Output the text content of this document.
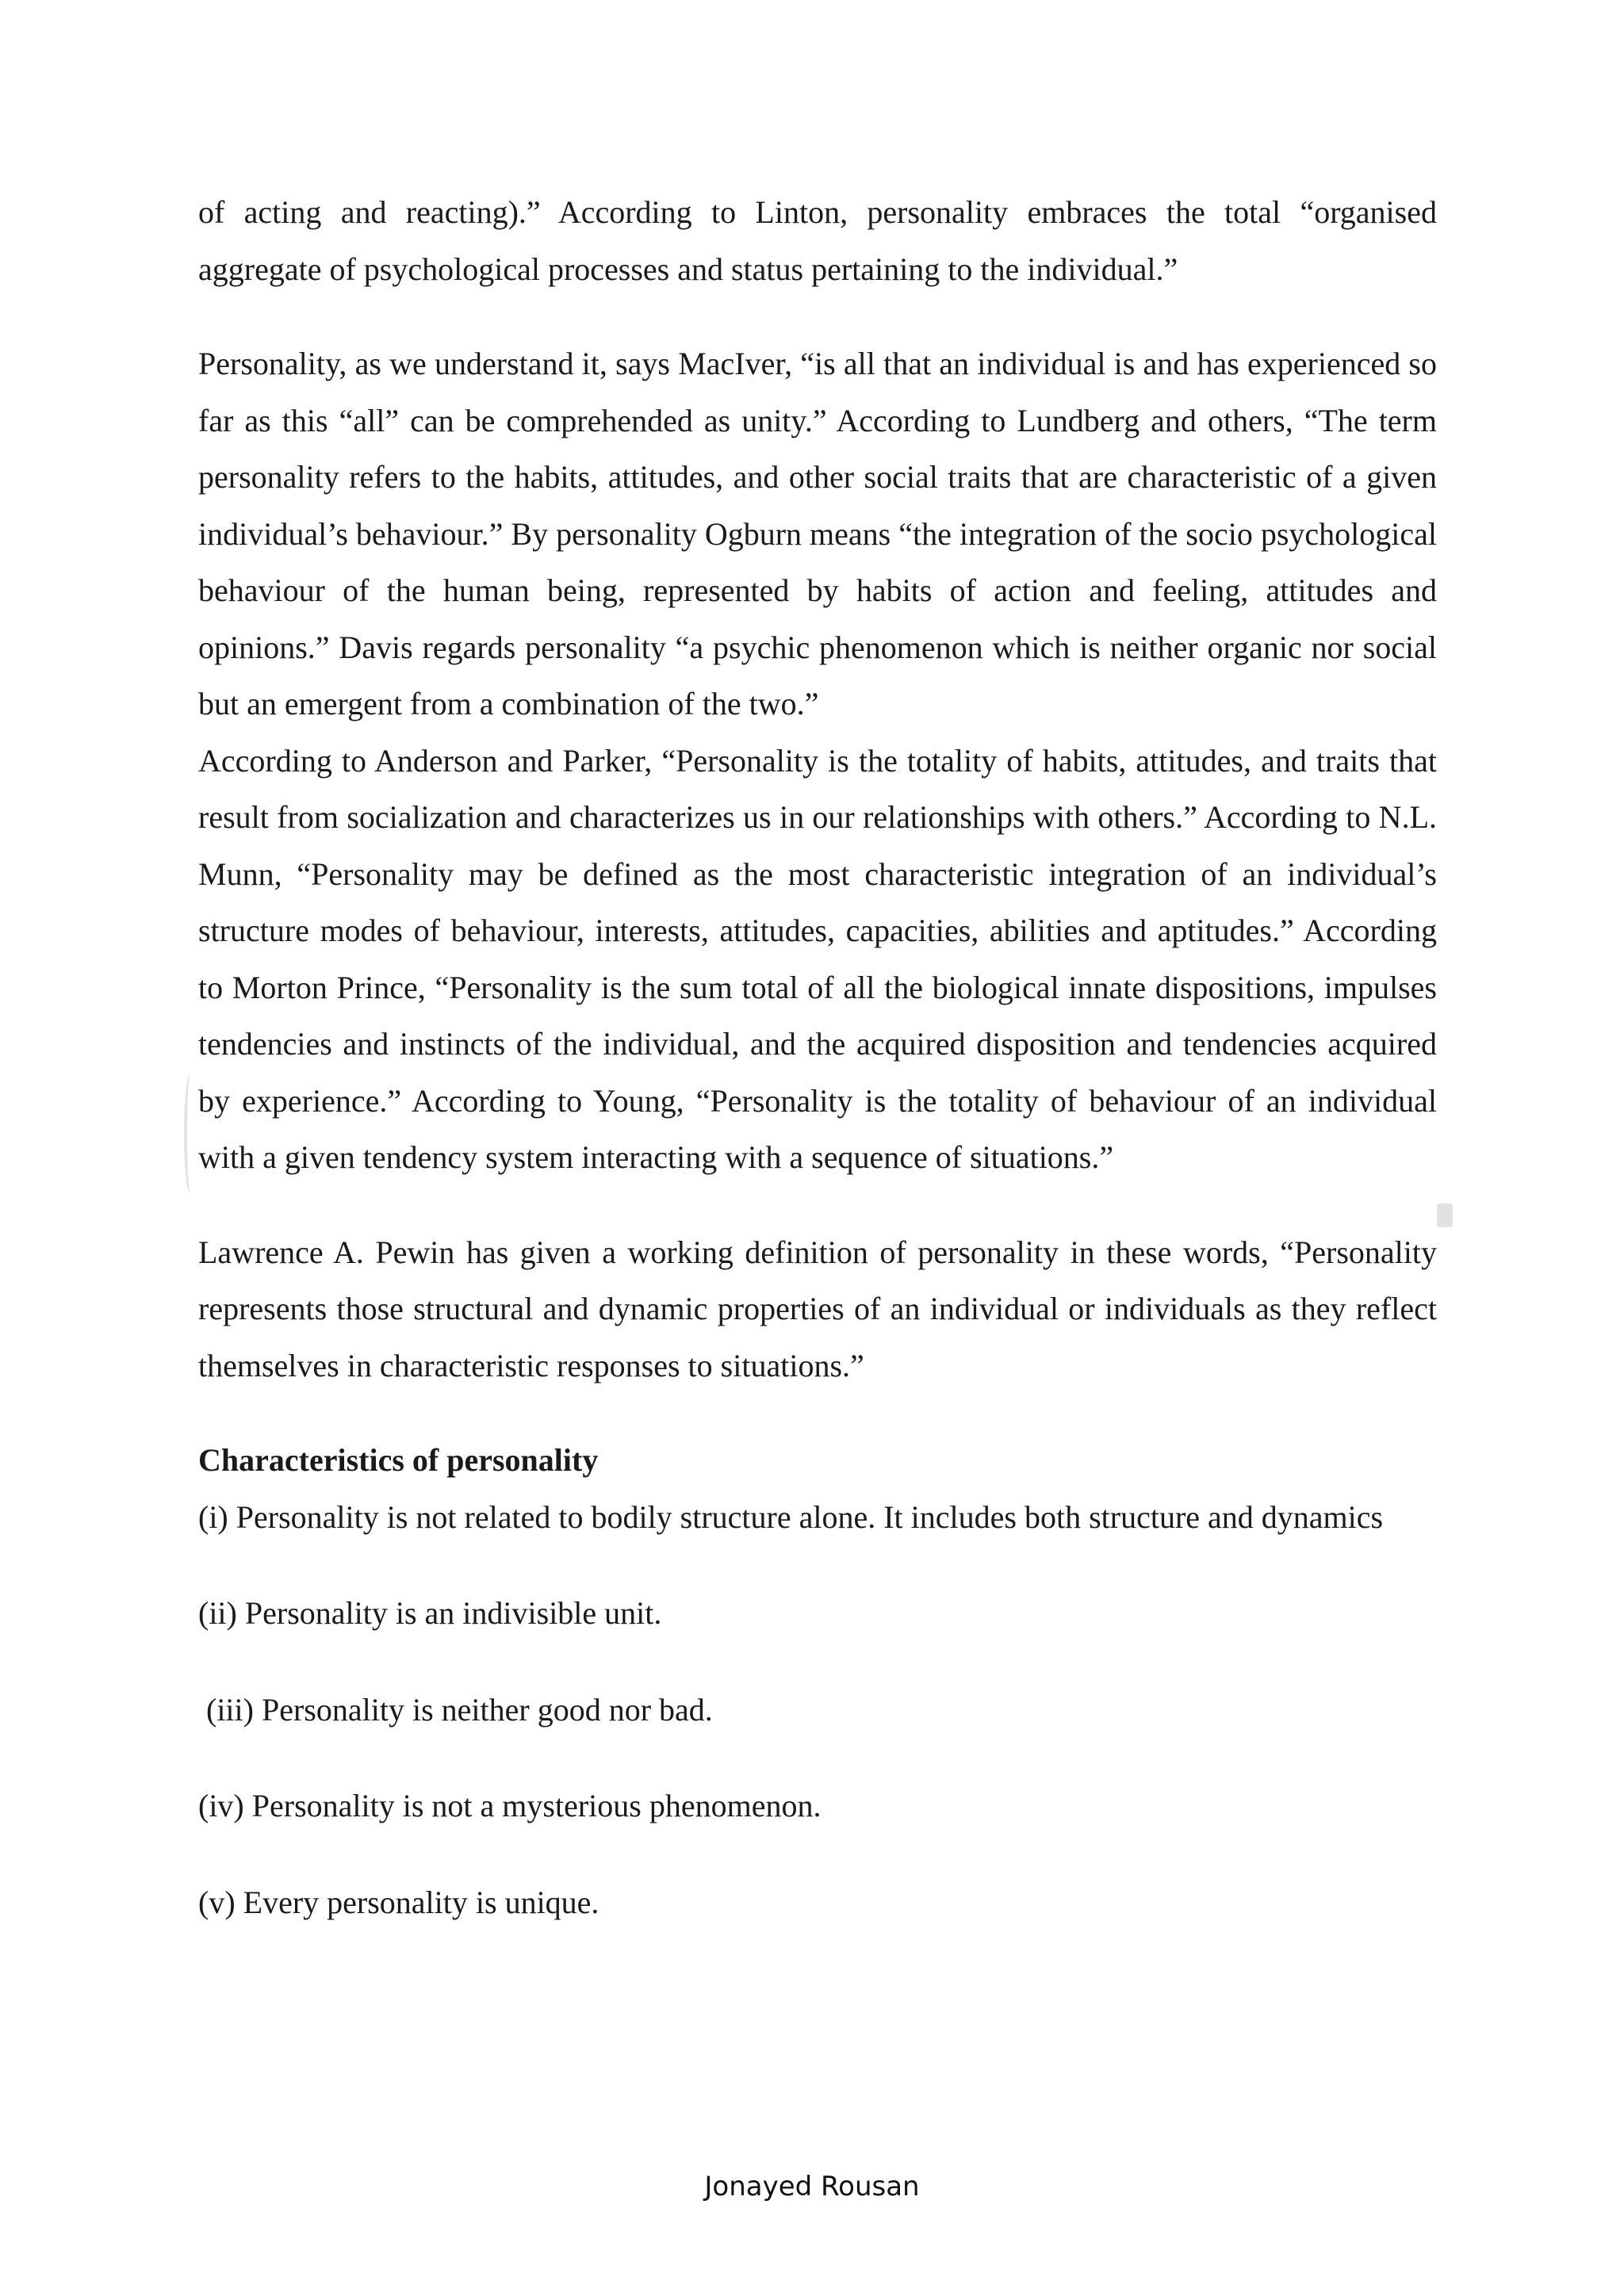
of acting and reacting).” According to Linton, personality embraces the total “organised aggregate of psychological processes and status pertaining to the individual.”

Personality, as we understand it, says MacIver, “is all that an individual is and has experienced so far as this “all” can be comprehended as unity.” According to Lundberg and others, “The term personality refers to the habits, attitudes, and other social traits that are characteristic of a given individual’s behaviour.” By personality Ogburn means “the integration of the socio psychological behaviour of the human being, represented by habits of action and feeling, attitudes and opinions.” Davis regards personality “a psychic phenomenon which is neither organic nor social but an emergent from a combination of the two.”

According to Anderson and Parker, “Personality is the totality of habits, attitudes, and traits that result from socialization and characterizes us in our relationships with others.” According to N.L. Munn, “Personality may be defined as the most characteristic integration of an individual’s structure modes of behaviour, interests, attitudes, capacities, abilities and aptitudes.” According to Morton Prince, “Personality is the sum total of all the biological innate dispositions, impulses tendencies and instincts of the individual, and the acquired disposition and tendencies acquired by experience.” According to Young, “Personality is the totality of behaviour of an individual with a given tendency system interacting with a sequence of situations.”

Lawrence A. Pewin has given a working definition of personality in these words, “Personality represents those structural and dynamic properties of an individual or individuals as they reflect themselves in characteristic responses to situations.”

Characteristics of personality

(i) Personality is not related to bodily structure alone. It includes both structure and dynamics

(ii) Personality is an indivisible unit.

(iii) Personality is neither good nor bad.

(iv) Personality is not a mysterious phenomenon.

(v) Every personality is unique.

Jonayed Rousan
